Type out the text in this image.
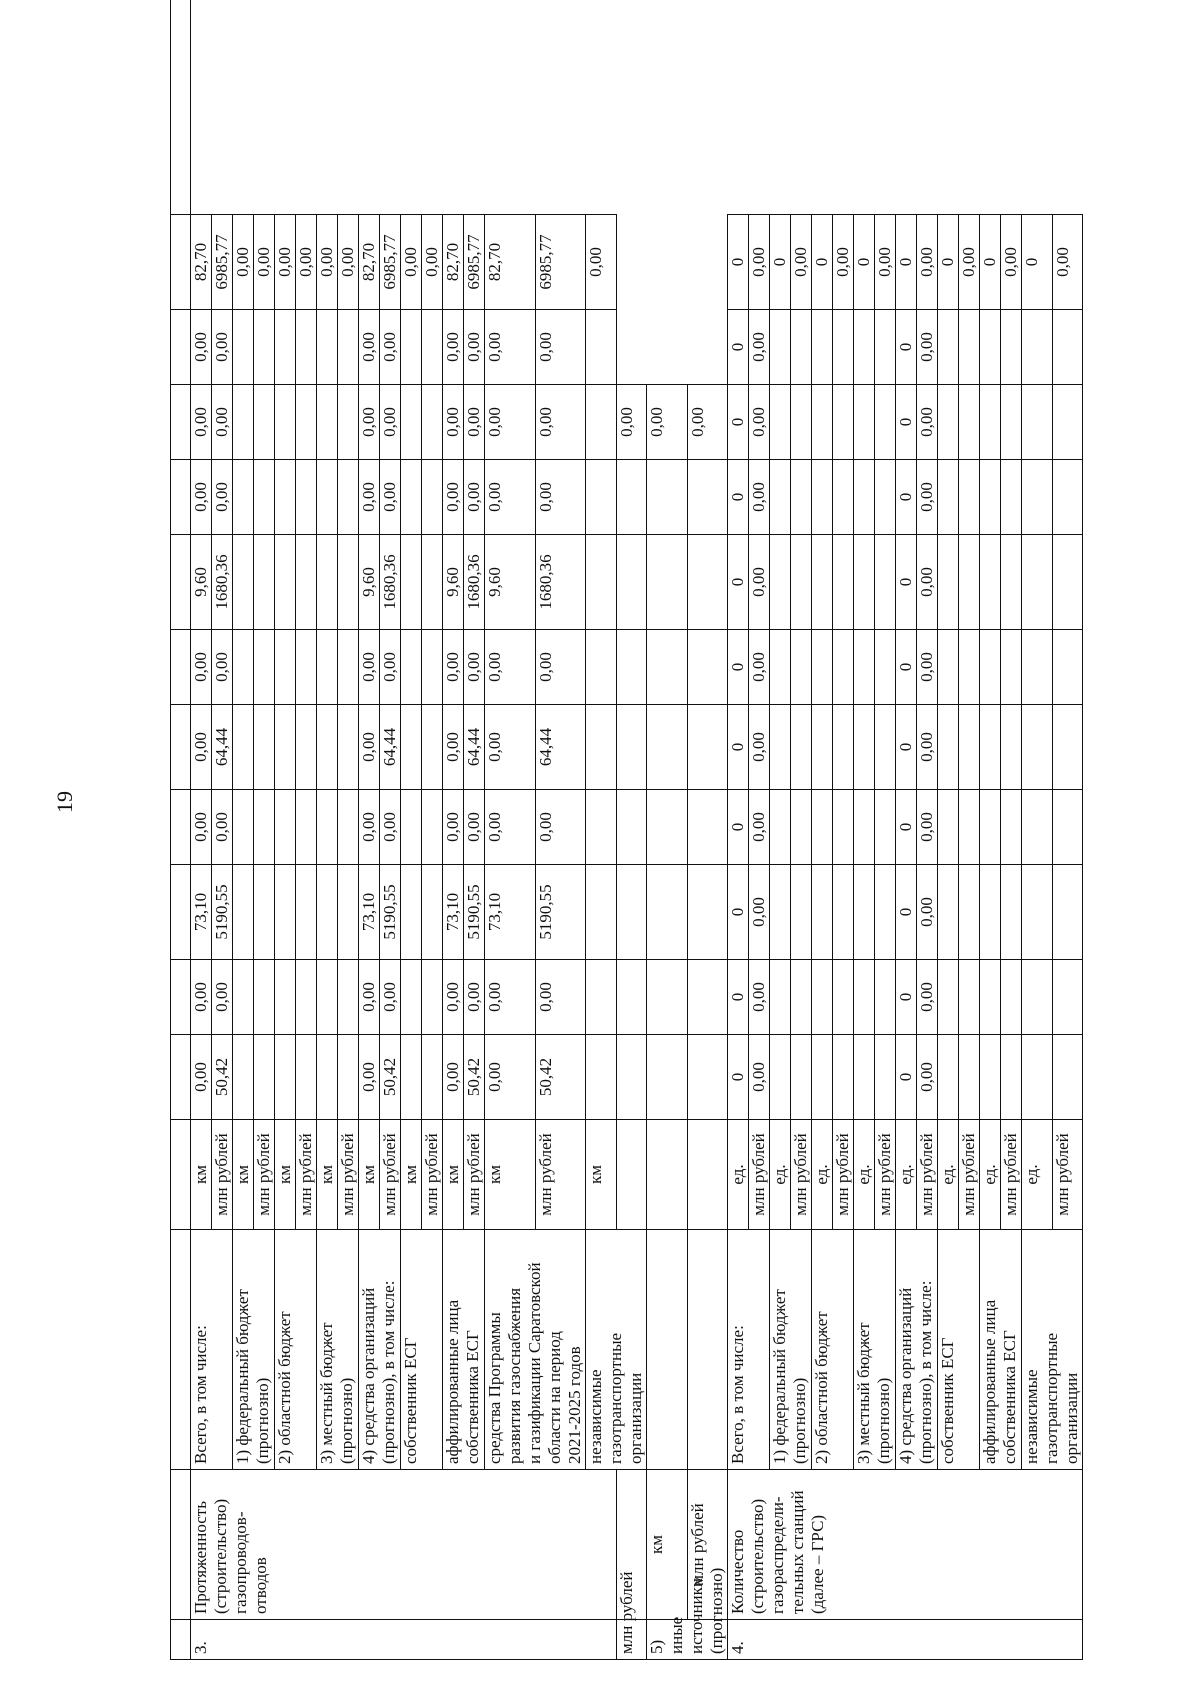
19

3.	Протяженность
(строительство)
газопроводов-
отводов	Всего, в том числе:	км	0,00	0,00	73,10	0,00	0,00	0,00	9,60	0,00	0,00	0,00	82,70	
			млн рублей	50,42	0,00	5190,55	0,00	64,44	0,00	1680,36	0,00	0,00	0,00	6985,77	
		1) федеральный бюджет
(прогнозно)	км											0,00	
			млн рублей											0,00	
		2) областной бюджет	км											0,00	
			млн рублей											0,00	
		3) местный бюджет
(прогнозно)	км											0,00	
			млн рублей											0,00	
		4) средства организаций
(прогнозно), в том числе:	км	0,00	0,00	73,10	0,00	0,00	0,00	9,60	0,00	0,00	0,00	82,70	
			млн рублей	50,42	0,00	5190,55	0,00	64,44	0,00	1680,36	0,00	0,00	0,00	6985,77	
		собственник ЕСГ	км											0,00	
			млн рублей											0,00	
		аффилированные лица
собственника ЕСГ	км	0,00	0,00	73,10	0,00	0,00	0,00	9,60	0,00	0,00	0,00	82,70	
			млн рублей	50,42	0,00	5190,55	0,00	64,44	0,00	1680,36	0,00	0,00	0,00	6985,77	
		средства Программы
развития газоснабжения
и газификации Саратовской
области на период
2021-2025 годов	км	0,00	0,00	73,10	0,00	0,00	0,00	9,60	0,00	0,00	0,00	82,70	
			млн рублей	50,42	0,00	5190,55	0,00	64,44	0,00	1680,36	0,00	0,00	0,00	6985,77	
		независимые
газотранспортные
организации	км											0,00	
млн рублей												0,00			
5) иные источники
(прогнозно)	км											0,00			
	млн рублей											0,00			
4.	Количество
(строительство)
газораспредели-
тельных станций
(далее – ГРС)	Всего, в том числе:	ед.	0	0	0	0	0	0	0	0	0	0	0	
			млн рублей	0,00	0,00	0,00	0,00	0,00	0,00	0,00	0,00	0,00	0,00	0,00	
		1) федеральный бюджет
(прогнозно)	ед.											0	
			млн рублей											0,00	
		2) областной бюджет	ед.											0	
			млн рублей											0,00	
		3) местный бюджет
(прогнозно)	ед.											0	
			млн рублей											0,00	
		4) средства организаций
(прогнозно), в том числе:	ед.	0	0	0	0	0	0	0	0	0	0	0	
			млн рублей	0,00	0,00	0,00	0,00	0,00	0,00	0,00	0,00	0,00	0,00	0,00	
		собственник ЕСГ	ед.											0	
			млн рублей											0,00	
		аффилированные лица
собственника ЕСГ	ед.											0	
			млн рублей											0,00	
		независимые
газотранспортные
организации	ед.											0	
			млн рублей											0,00	
